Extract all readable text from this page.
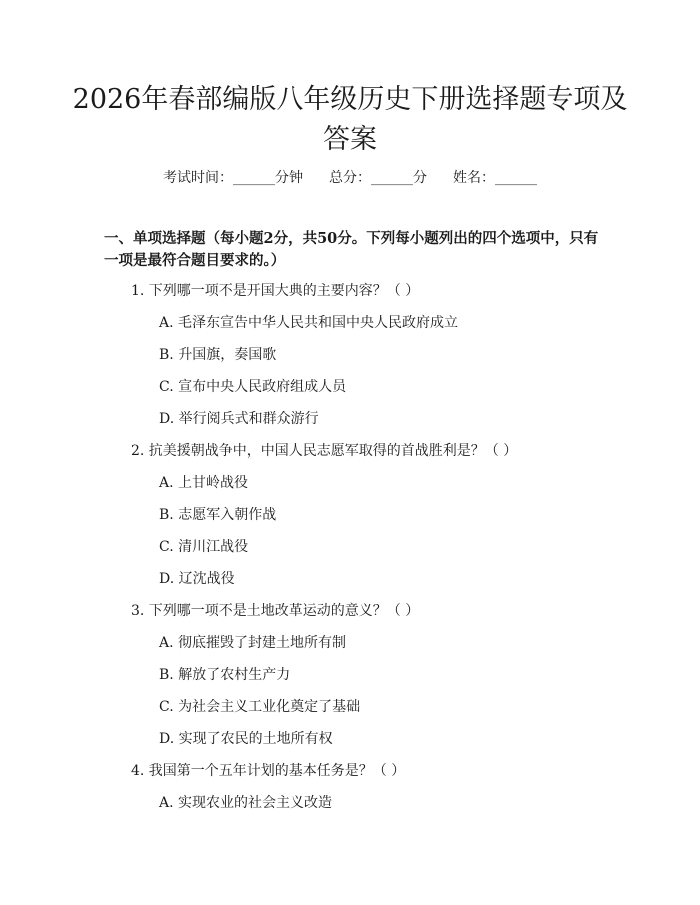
2026年春部编版八年级历史下册选择题专项及答案
考试时间：______分钟 总分：______分 姓名：______

一、单项选择题（每小题2分，共50分。下列每小题列出的四个选项中，只有一项是最符合题目要求的。）

1. 下列哪一项不是开国大典的主要内容？（ ）
A. 毛泽东宣告中华人民共和国中央人民政府成立
B. 升国旗，奏国歌
C. 宣布中央人民政府组成人员
D. 举行阅兵式和群众游行
2. 抗美援朝战争中，中国人民志愿军取得的首战胜利是？（ ）
A. 上甘岭战役
B. 志愿军入朝作战
C. 清川江战役
D. 辽沈战役
3. 下列哪一项不是土地改革运动的意义？（ ）
A. 彻底摧毁了封建土地所有制
B. 解放了农村生产力
C. 为社会主义工业化奠定了基础
D. 实现了农民的土地所有权
4. 我国第一个五年计划的基本任务是？（ ）
A. 实现农业的社会主义改造
